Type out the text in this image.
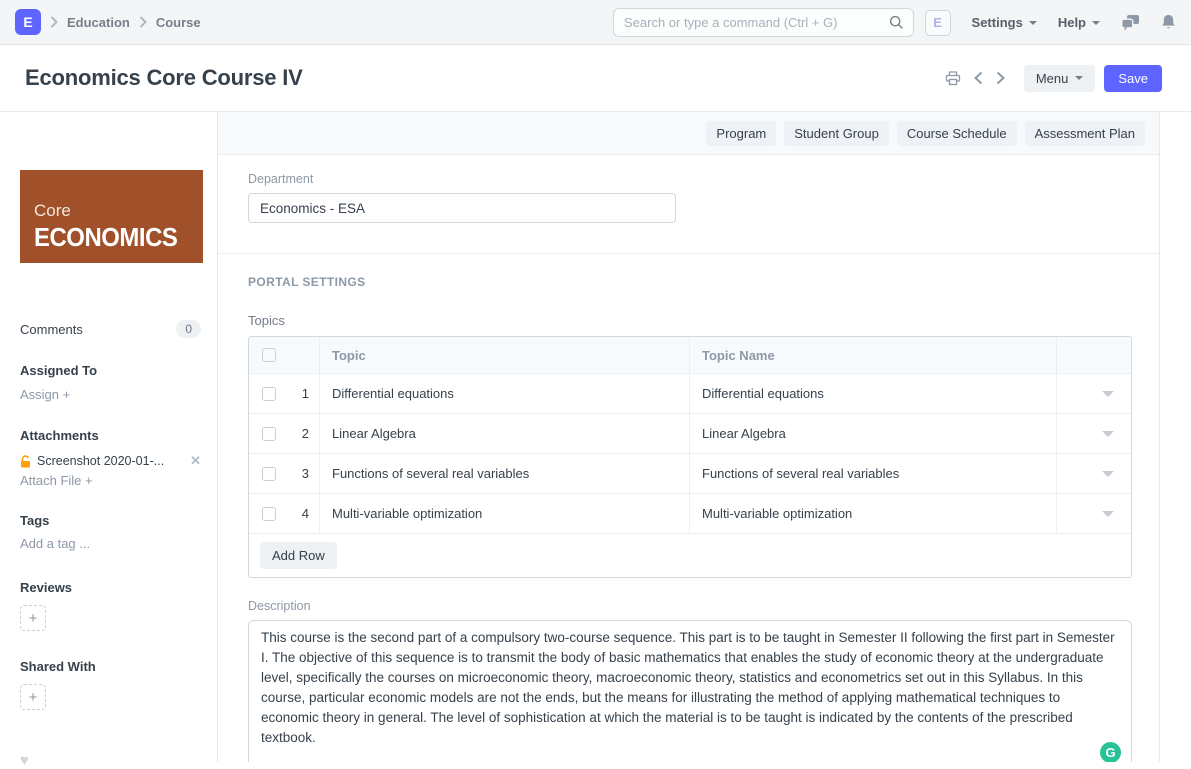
E	Education Course
Search or type a command (Ctrl + G)	E Settings	Help
Economics Core Course IV	Menu	Save
Core
ECONOMICS
Comments	0
Assigned To
Assign +
Attachments
Screenshot 2020-01-...	✕
Attach File +
Tags
Add a tag ...
Reviews
+
Shared With
+
♥
Program	Student Group	Course Schedule	Assessment Plan
Department
Economics - ESA
PORTAL SETTINGS
Topics
Topic	Topic Name
1	Differential equations	Differential equations
2	Linear Algebra	Linear Algebra
3	Functions of several real variables	Functions of several real variables
4	Multi-variable optimization	Multi-variable optimization
Add Row
Description
This course is the second part of a compulsory two-course sequence. This part is to be taught in Semester II following the first part in Semester I. The objective of this sequence is to transmit the body of basic mathematics that enables the study of economic theory at the undergraduate level, specifically the courses on microeconomic theory, macroeconomic theory, statistics and econometrics set out in this Syllabus. In this course, particular economic models are not the ends, but the means for illustrating the method of applying mathematical techniques to economic theory in general. The level of sophistication at which the material is to be taught is indicated by the contents of the prescribed textbook.
G
